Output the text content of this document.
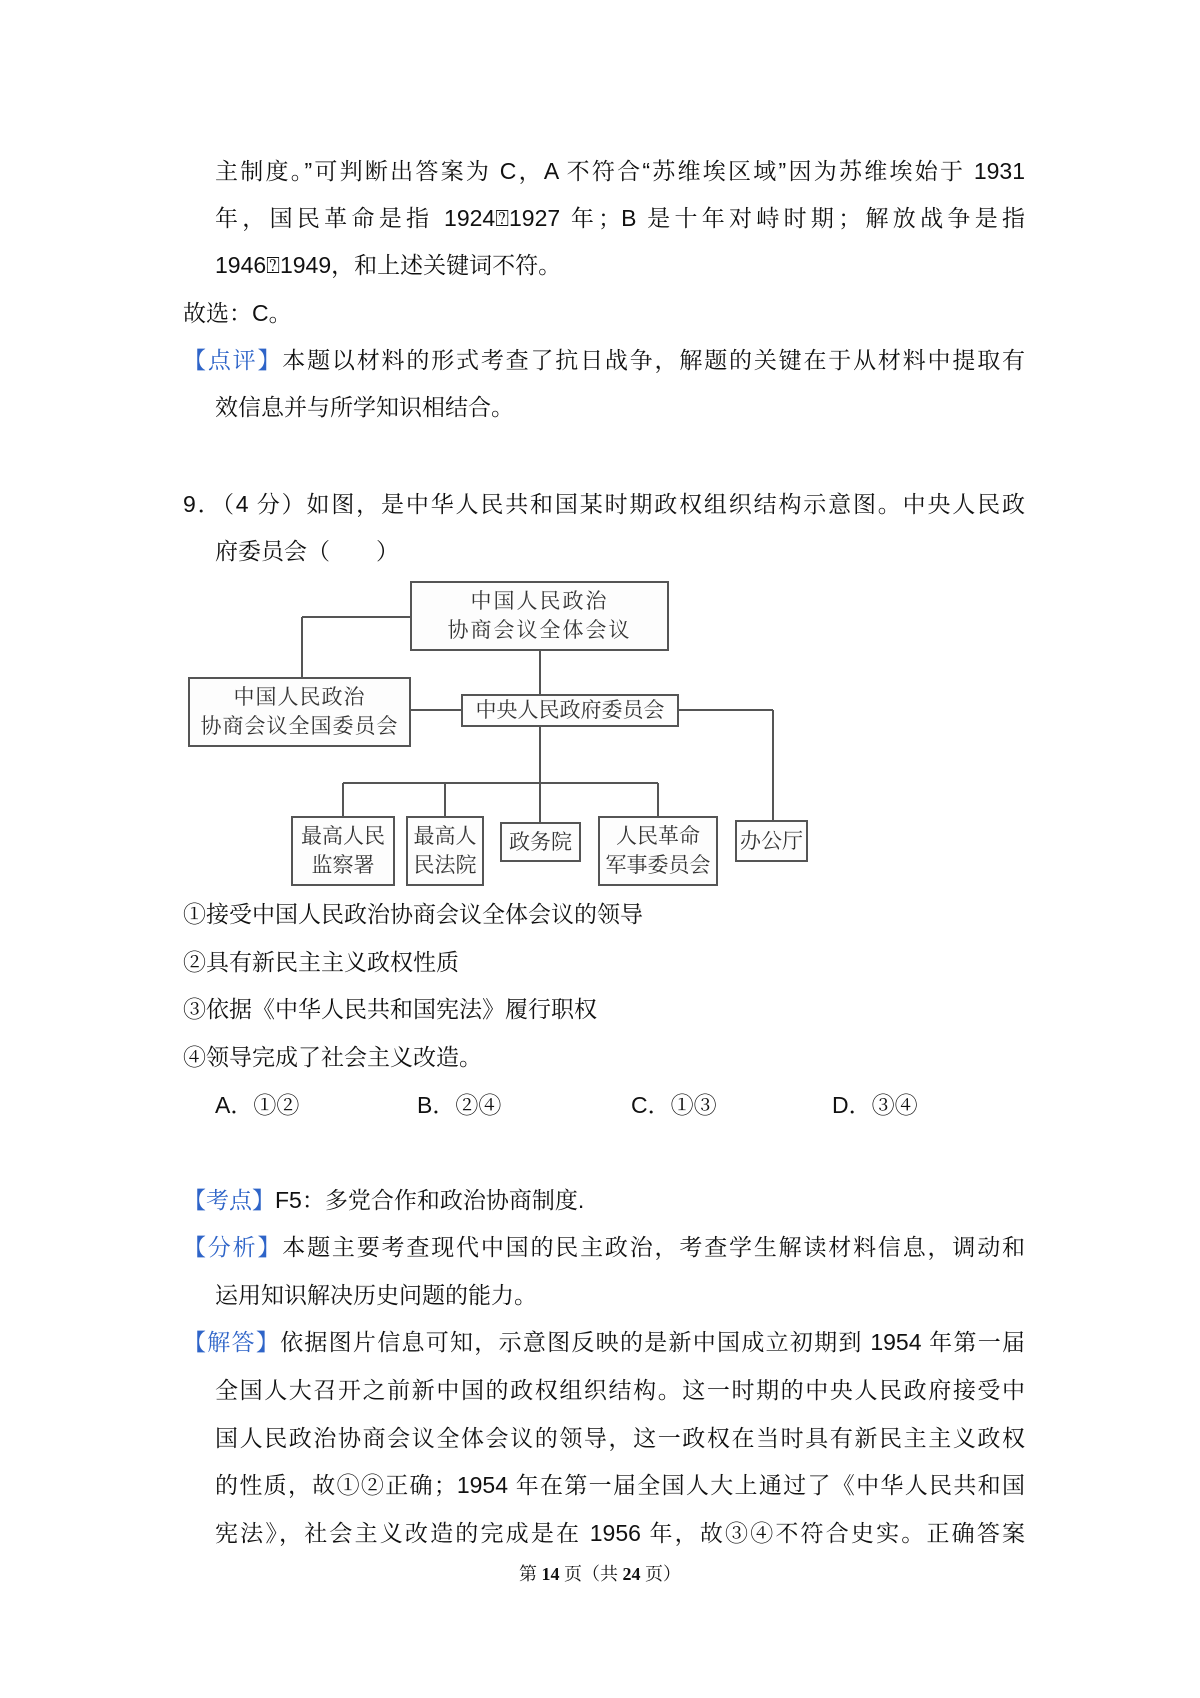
主制度。”可判断出答案为 C，A 不符合“苏维埃区域”因为苏维埃始于 1931
年，国民革命是指 1924⍰1927 年；B 是十年对峙时期；解放战争是指
1946⍰1949，和上述关键词不符。
故选：C。
【点评】本题以材料的形式考查了抗日战争，解题的关键在于从材料中提取有
效信息并与所学知识相结合。
9．（4 分）如图，是中华人民共和国某时期政权组织结构示意图。中央人民政
府委员会（　　）
中国人民政治
协商会议全体会议
中国人民政治
协商会议全国委员会
中央人民政府委员会
最高人民
监察署
最高人
民法院
政务院 人民革命
军事委员会
办公厅
①接受中国人民政治协商会议全体会议的领导
②具有新民主主义政权性质
③依据《中华人民共和国宪法》履行职权
④领导完成了社会主义改造。
A．①②	B．②④	C．①③	D．③④
【考点】F5：多党合作和政治协商制度.
【分析】本题主要考查现代中国的民主政治，考查学生解读材料信息，调动和
运用知识解决历史问题的能力。
【解答】依据图片信息可知，示意图反映的是新中国成立初期到 1954 年第一届
全国人大召开之前新中国的政权组织结构。这一时期的中央人民政府接受中
国人民政治协商会议全体会议的领导，这一政权在当时具有新民主主义政权
的性质，故①②正确；1954 年在第一届全国人大上通过了《中华人民共和国
宪法》，社会主义改造的完成是在 1956 年，故③④不符合史实。正确答案
第 14 页（共 24 页）
